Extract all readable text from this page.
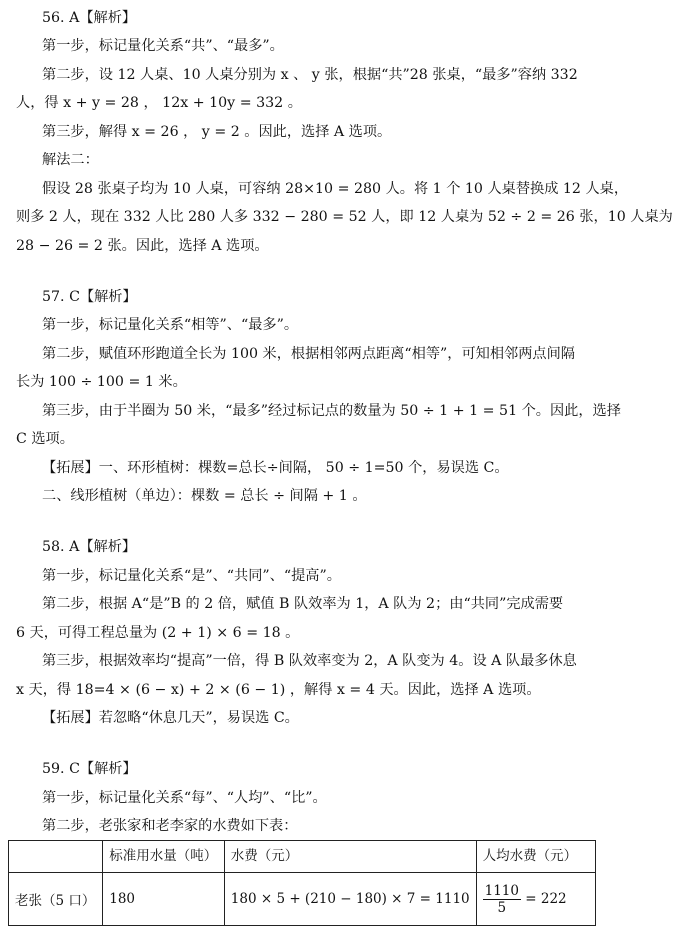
56. A【解析】
第一步，标记量化关系“共”、“最多”。
第二步，设 12 人桌、10 人桌分别为 x 、 y 张，根据“共”28 张桌，“最多”容纳 332
人，得 x + y = 28 ， 12x + 10y = 332 。
第三步，解得 x = 26 ， y = 2 。因此，选择 A 选项。
解法二：
假设 28 张桌子均为 10 人桌，可容纳 28×10 = 280 人。将 1 个 10 人桌替换成 12 人桌，
则多 2 人，现在 332 人比 280 人多 332 − 280 = 52 人，即 12 人桌为 52 ÷ 2 = 26 张，10 人桌为
28 − 26 = 2 张。因此，选择 A 选项。
57. C【解析】
第一步，标记量化关系“相等”、“最多”。
第二步，赋值环形跑道全长为 100 米，根据相邻两点距离“相等”，可知相邻两点间隔
长为 100 ÷ 100 = 1 米。
第三步，由于半圈为 50 米，“最多”经过标记点的数量为 50 ÷ 1 + 1 = 51 个。因此，选择
C 选项。
【拓展】一、环形植树：棵数=总长÷间隔， 50 ÷ 1=50 个，易误选 C。
二、线形植树（单边）：棵数 = 总长 ÷ 间隔 + 1 。
58. A【解析】
第一步，标记量化关系“是”、“共同”、“提高”。
第二步，根据 A“是”B 的 2 倍，赋值 B 队效率为 1，A 队为 2；由“共同”完成需要
6 天，可得工程总量为 (2 + 1) × 6 = 18 。
第三步，根据效率均“提高”一倍，得 B 队效率变为 2，A 队变为 4。设 A 队最多休息
x 天，得 18=4 × (6 − x) + 2 × (6 − 1) ，解得 x = 4 天。因此，选择 A 选项。
【拓展】若忽略“休息几天”，易误选 C。
59. C【解析】
第一步，标记量化关系“每”、“人均”、“比”。
第二步，老张家和老李家的水费如下表：
	标准用水量（吨）	水费（元）	人均水费（元）
老张（5 口）	180	180 × 5 + (210 − 180) × 7 = 1110	$\frac{1110}{5} = 222$
